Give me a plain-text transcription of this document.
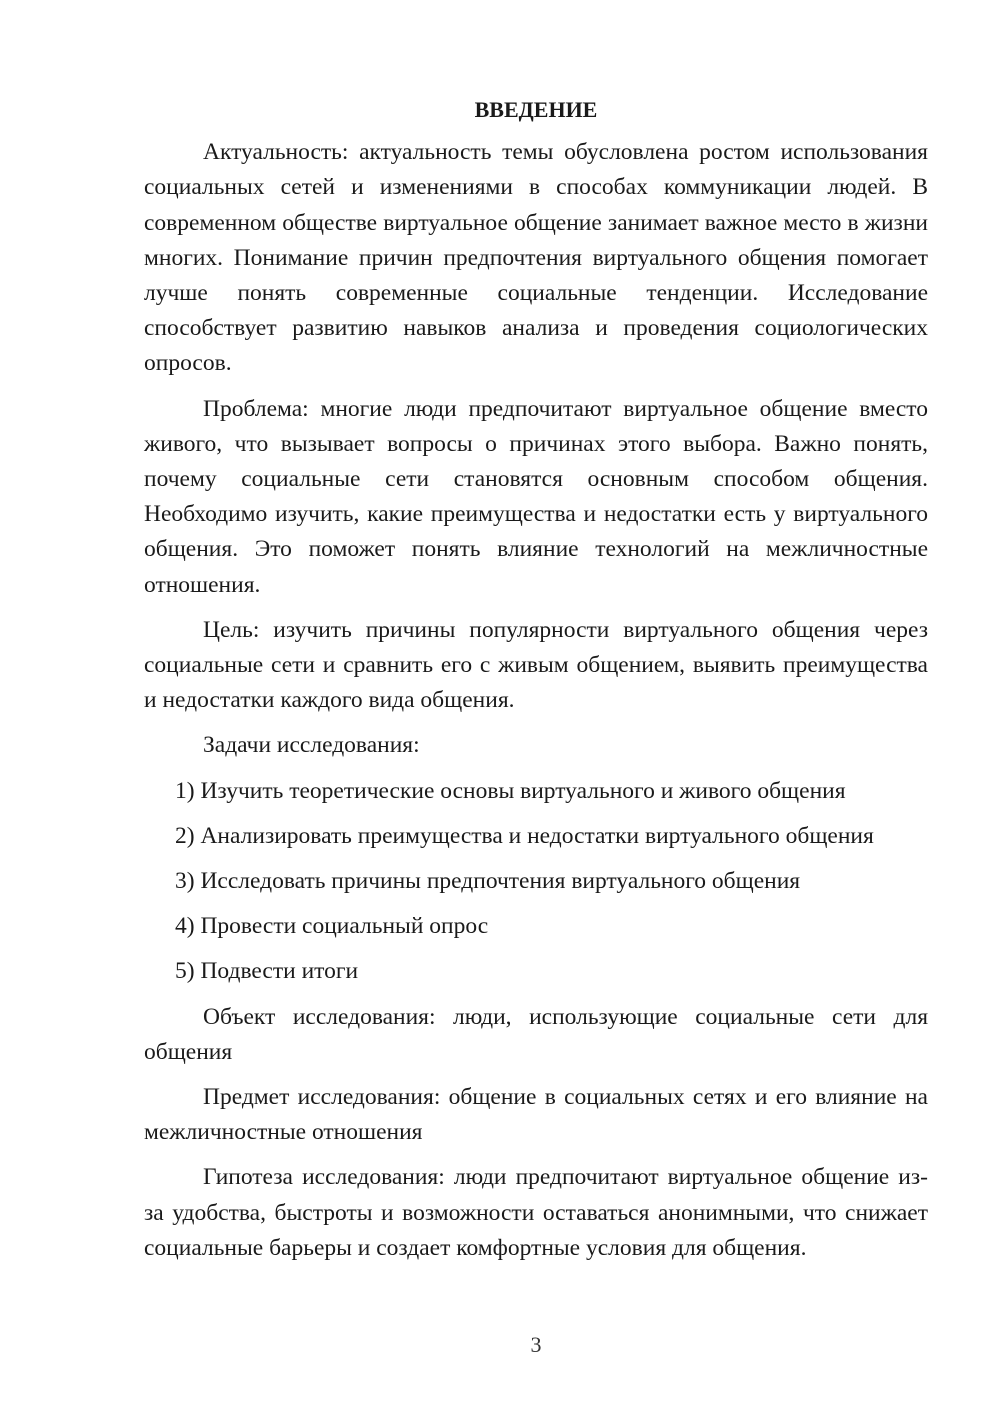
ВВЕДЕНИЕ

Актуальность: актуальность темы обусловлена ростом использования социальных сетей и изменениями в способах коммуникации людей. В современном обществе виртуальное общение занимает важное место в жизни многих. Понимание причин предпочтения виртуального общения помогает лучше понять современные социальные тенденции. Исследование способствует развитию навыков анализа и проведения социологических опросов.

Проблема: многие люди предпочитают виртуальное общение вместо живого, что вызывает вопросы о причинах этого выбора. Важно понять, почему социальные сети становятся основным способом общения. Необходимо изучить, какие преимущества и недостатки есть у виртуального общения. Это поможет понять влияние технологий на межличностные отношения.

Цель: изучить причины популярности виртуального общения через социальные сети и сравнить его с живым общением, выявить преимущества и недостатки каждого вида общения.

Задачи исследования:

1) Изучить теоретические основы виртуального и живого общения
2) Анализировать преимущества и недостатки виртуального общения
3) Исследовать причины предпочтения виртуального общения
4) Провести социальный опрос
5) Подвести итоги

Объект исследования: люди, использующие социальные сети для общения

Предмет исследования: общение в социальных сетях и его влияние на межличностные отношения

Гипотеза исследования: люди предпочитают виртуальное общение из-за удобства, быстроты и возможности оставаться анонимными, что снижает социальные барьеры и создает комфортные условия для общения.

3
